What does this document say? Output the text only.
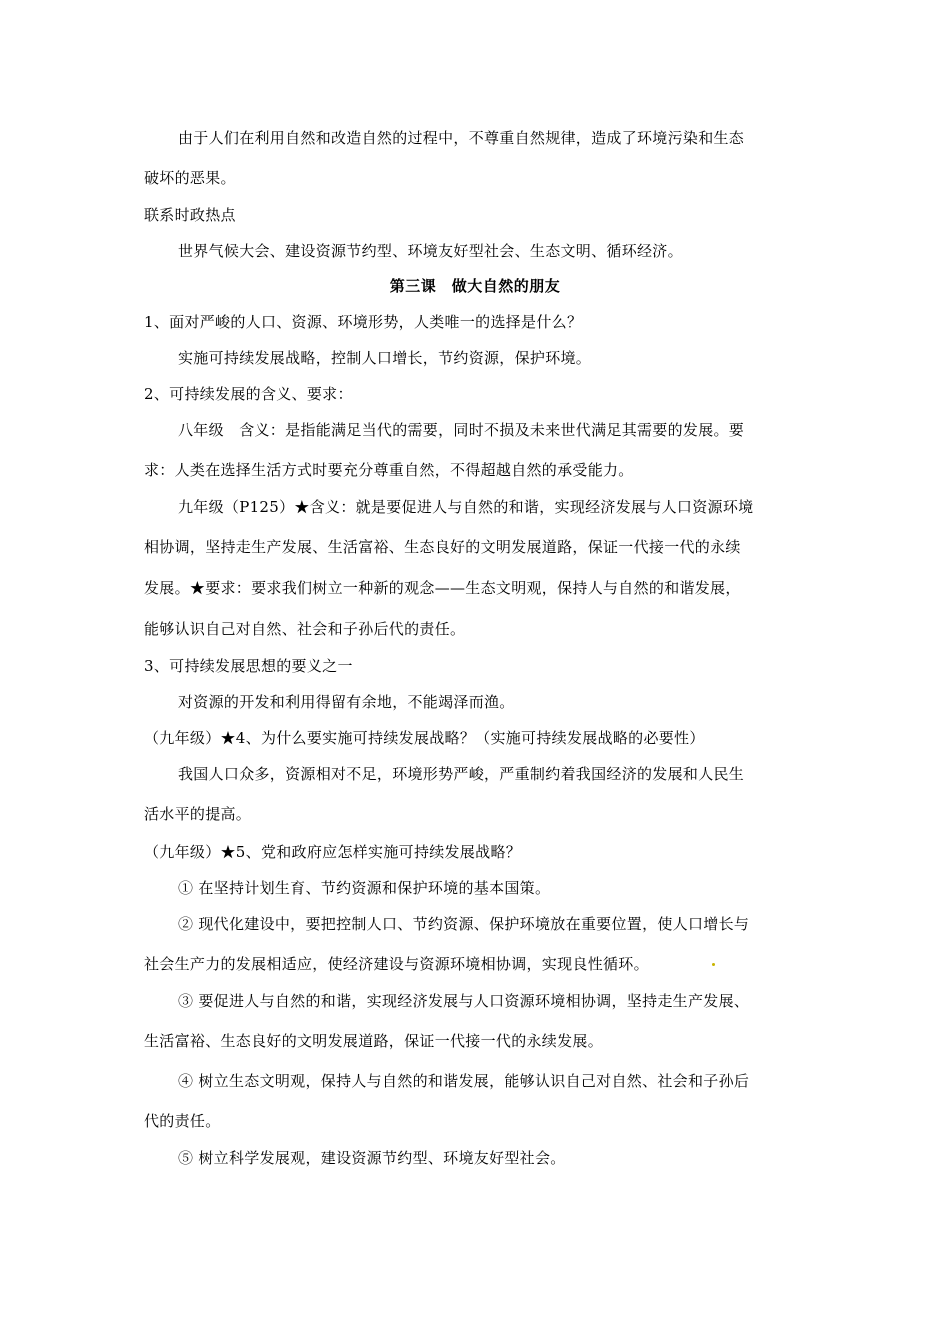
由于人们在利用自然和改造自然的过程中，不尊重自然规律，造成了环境污染和生态
破坏的恶果。
联系时政热点
世界气候大会、建设资源节约型、环境友好型社会、生态文明、循环经济。
第三课　做大自然的朋友
1、面对严峻的人口、资源、环境形势，人类唯一的选择是什么？
实施可持续发展战略，控制人口增长，节约资源，保护环境。
2、可持续发展的含义、要求：
八年级　含义：是指能满足当代的需要，同时不损及未来世代满足其需要的发展。要
求：人类在选择生活方式时要充分尊重自然，不得超越自然的承受能力。
九年级（P125）★含义：就是要促进人与自然的和谐，实现经济发展与人口资源环境
相协调，坚持走生产发展、生活富裕、生态良好的文明发展道路，保证一代接一代的永续
发展。★要求：要求我们树立一种新的观念——生态文明观，保持人与自然的和谐发展，
能够认识自己对自然、社会和子孙后代的责任。
3、可持续发展思想的要义之一
对资源的开发和利用得留有余地，不能竭泽而渔。
（九年级）★4、为什么要实施可持续发展战略？（实施可持续发展战略的必要性）
我国人口众多，资源相对不足，环境形势严峻，严重制约着我国经济的发展和人民生
活水平的提高。
（九年级）★5、党和政府应怎样实施可持续发展战略？
① 在坚持计划生育、节约资源和保护环境的基本国策。
② 现代化建设中，要把控制人口、节约资源、保护环境放在重要位置，使人口增长与
社会生产力的发展相适应，使经济建设与资源环境相协调，实现良性循环。
③ 要促进人与自然的和谐，实现经济发展与人口资源环境相协调，坚持走生产发展、
生活富裕、生态良好的文明发展道路，保证一代接一代的永续发展。
④ 树立生态文明观，保持人与自然的和谐发展，能够认识自己对自然、社会和子孙后
代的责任。
⑤ 树立科学发展观，建设资源节约型、环境友好型社会。
